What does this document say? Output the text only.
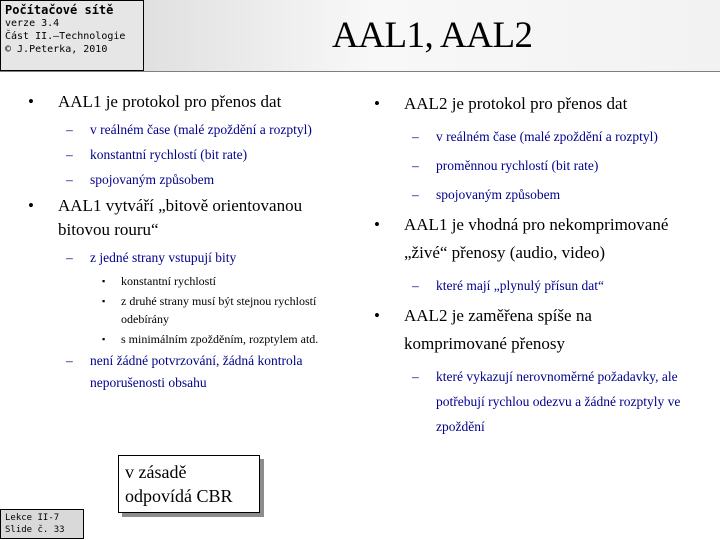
Počítačové sítě
verze 3.4
Část II.–Technologie
© J.Peterka, 2010	AAL1, AAL2
• AAL1 je protokol pro přenos dat
– v reálném čase (malé zpoždění a rozptyl)
– konstantní rychlostí (bit rate)
– spojovaným způsobem
• AAL1 vytváří „bitově orientovanou bitovou rouru“
– z jedné strany vstupují bity
▪ konstantní rychlostí
▪ z druhé strany musí být stejnou rychlostí odebírány
▪ s minimálním zpožděním, rozptylem atd.
– není žádné potvrzování, žádná kontrola neporušenosti obsahu
• AAL2 je protokol pro přenos dat
– v reálném čase (malé zpoždění a rozptyl)
– proměnnou rychlostí (bit rate)
– spojovaným způsobem
• AAL1 je vhodná pro nekomprimované „živé“ přenosy (audio, video)
– které mají „plynulý přísun dat“
• AAL2 je zaměřena spíše na komprimované přenosy
– které vykazují nerovnoměrné požadavky, ale potřebují rychlou odezvu a žádné rozptyly ve zpoždění
v zásadě odpovídá CBR
Lekce II-7
Slide č. 33
